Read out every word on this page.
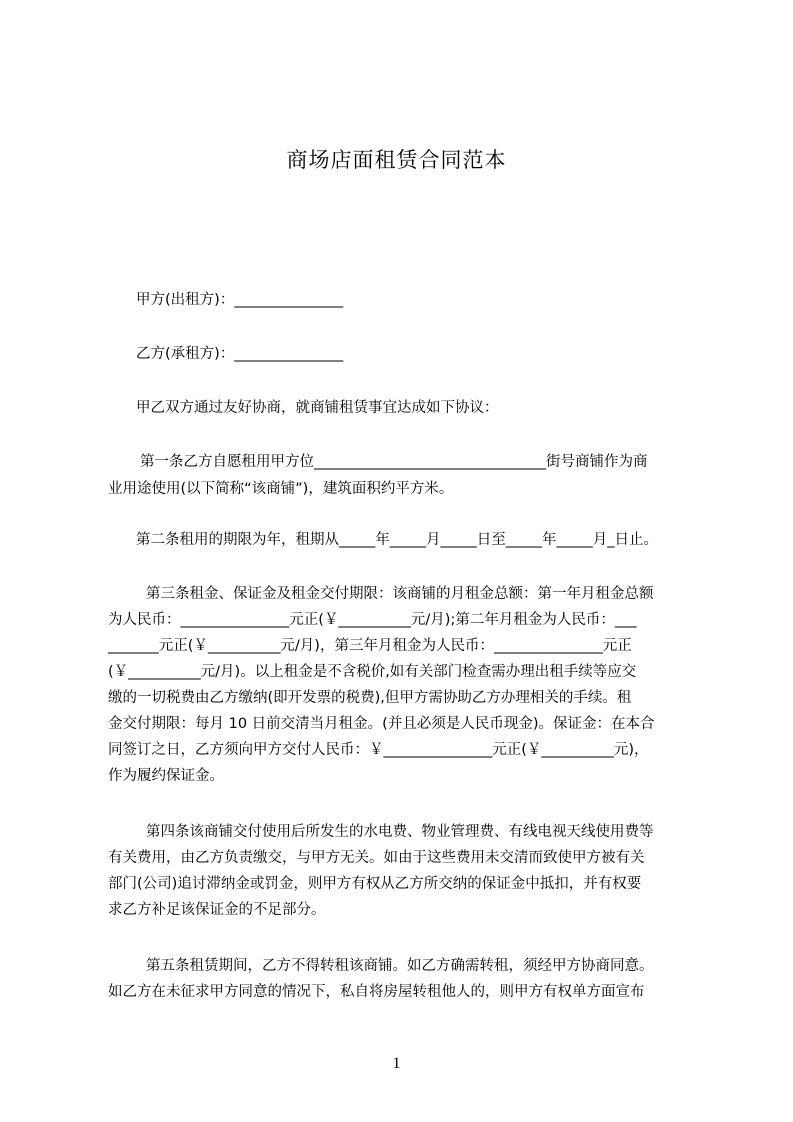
商场店面租赁合同范本
甲方(出租方)：_______________
乙方(承租方)：_______________
甲乙双方通过友好协商，就商铺租赁事宜达成如下协议：
第一条乙方自愿租用甲方位________________________________街号商铺作为商
业用途使用(以下简称“该商铺”)，建筑面积约平方米。
第二条租用的期限为年，租期从_____年_____月_____日至_____年_____月_日止。
第三条租金、保证金及租金交付期限：该商铺的月租金总额：第一年月租金总额
为人民币：_______________元正(￥__________元/月);第二年月租金为人民币：___
_______元正(￥__________元/月)，第三年月租金为人民币：_______________元正
(￥__________元/月)。以上租金是不含税价,如有关部门检查需办理出租手续等应交
缴的一切税费由乙方缴纳(即开发票的税费),但甲方需协助乙方办理相关的手续。租
金交付期限：每月 10 日前交清当月租金。(并且必须是人民币现金)。保证金：在本合
同签订之日，乙方须向甲方交付人民币：￥_______________元正(￥__________元)，
作为履约保证金。
第四条该商铺交付使用后所发生的水电费、物业管理费、有线电视天线使用费等
有关费用，由乙方负责缴交，与甲方无关。如由于这些费用未交清而致使甲方被有关
部门(公司)追讨滞纳金或罚金，则甲方有权从乙方所交纳的保证金中抵扣，并有权要
求乙方补足该保证金的不足部分。
第五条租赁期间，乙方不得转租该商铺。如乙方确需转租，须经甲方协商同意。
如乙方在未征求甲方同意的情况下，私自将房屋转租他人的，则甲方有权单方面宣布
1
